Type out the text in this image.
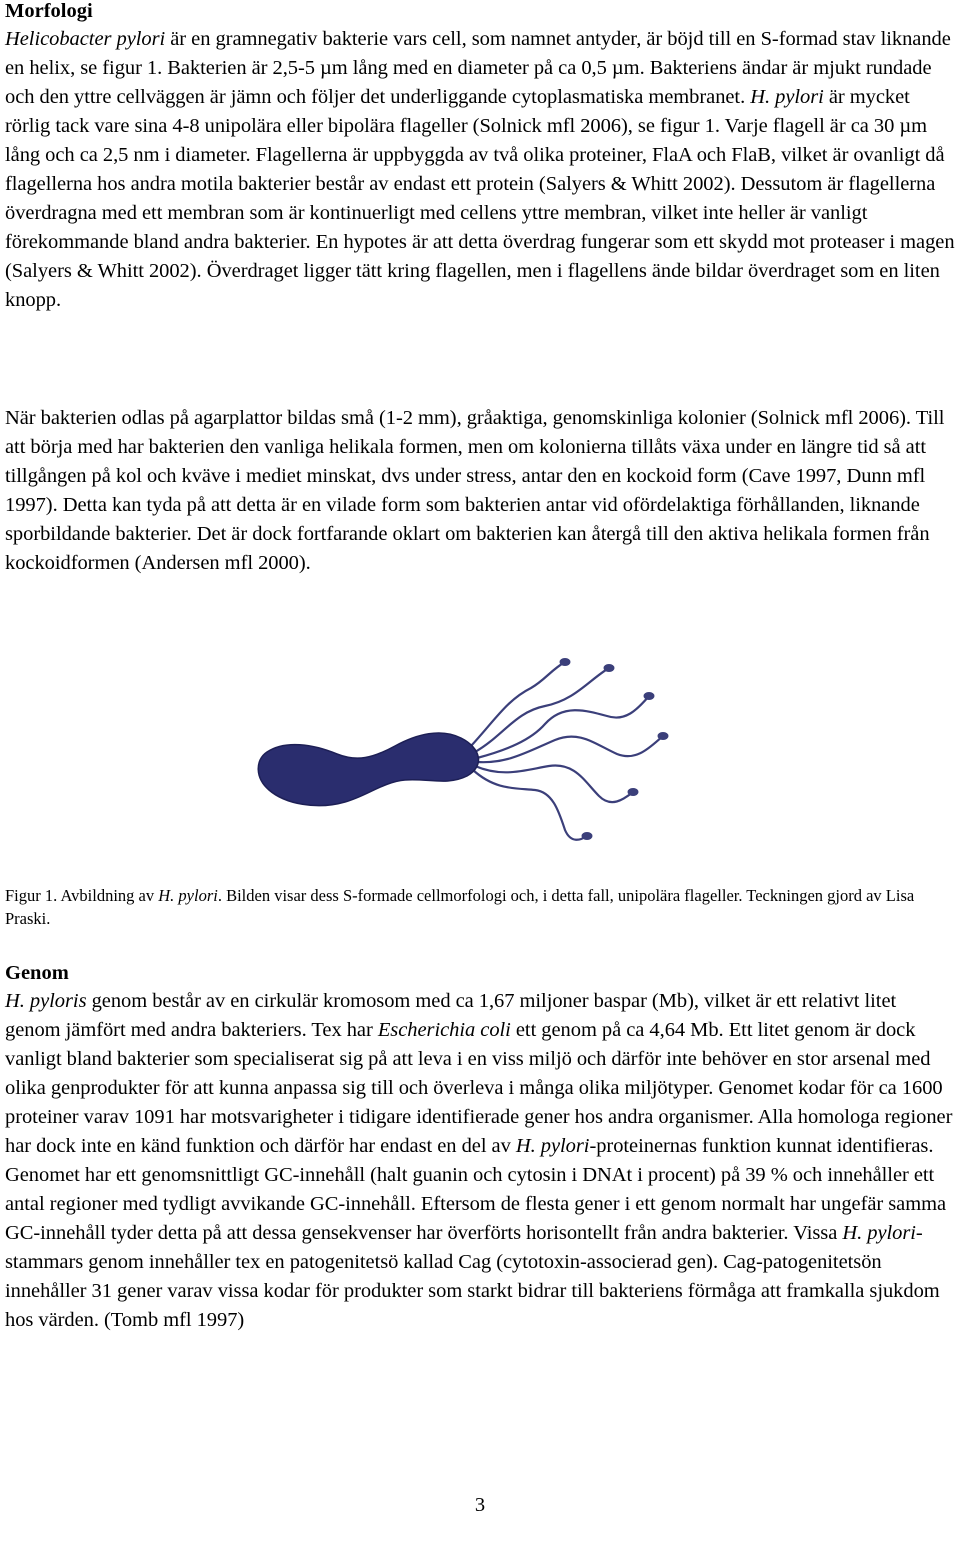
Morfologi

Helicobacter pylori är en gramnegativ bakterie vars cell, som namnet antyder, är böjd till en S-formad stav liknande en helix, se figur 1. Bakterien är 2,5-5 µm lång med en diameter på ca 0,5 µm. Bakteriens ändar är mjukt rundade och den yttre cellväggen är jämn och följer det underliggande cytoplasmatiska membranet. H. pylori är mycket rörlig tack vare sina 4-8 unipolära eller bipolära flageller (Solnick mfl 2006), se figur 1. Varje flagell är ca 30 µm lång och ca 2,5 nm i diameter. Flagellerna är uppbyggda av två olika proteiner, FlaA och FlaB, vilket är ovanligt då flagellerna hos andra motila bakterier består av endast ett protein (Salyers & Whitt 2002). Dessutom är flagellerna överdragna med ett membran som är kontinuerligt med cellens yttre membran, vilket inte heller är vanligt förekommande bland andra bakterier. En hypotes är att detta överdrag fungerar som ett skydd mot proteaser i magen (Salyers & Whitt 2002). Överdraget ligger tätt kring flagellen, men i flagellens ände bildar överdraget som en liten knopp.

När bakterien odlas på agarplattor bildas små (1-2 mm), gråaktiga, genomskinliga kolonier (Solnick mfl 2006). Till att börja med har bakterien den vanliga helikala formen, men om kolonierna tillåts växa under en längre tid så att tillgången på kol och kväve i mediet minskat, dvs under stress, antar den en kockoid form (Cave 1997, Dunn mfl 1997). Detta kan tyda på att detta är en vilade form som bakterien antar vid ofördelaktiga förhållanden, liknande sporbildande bakterier. Det är dock fortfarande oklart om bakterien kan återgå till den aktiva helikala formen från kockoidformen (Andersen mfl 2000).

Figur 1. Avbildning av H. pylori. Bilden visar dess S-formade cellmorfologi och, i detta fall, unipolära flageller. Teckningen gjord av Lisa Praski.

Genom

H. pyloris genom består av en cirkulär kromosom med ca 1,67 miljoner baspar (Mb), vilket är ett relativt litet genom jämfört med andra bakteriers. Tex har Escherichia coli ett genom på ca 4,64 Mb. Ett litet genom är dock vanligt bland bakterier som specialiserat sig på att leva i en viss miljö och därför inte behöver en stor arsenal med olika genprodukter för att kunna anpassa sig till och överleva i många olika miljötyper. Genomet kodar för ca 1600 proteiner varav 1091 har motsvarigheter i tidigare identifierade gener hos andra organismer. Alla homologa regioner har dock inte en känd funktion och därför har endast en del av H. pylori-proteinernas funktion kunnat identifieras. Genomet har ett genomsnittligt GC-innehåll (halt guanin och cytosin i DNAt i procent) på 39 % och innehåller ett antal regioner med tydligt avvikande GC-innehåll. Eftersom de flesta gener i ett genom normalt har ungefär samma GC-innehåll tyder detta på att dessa gensekvenser har överförts horisontellt från andra bakterier. Vissa H. pylori-stammars genom innehåller tex en patogenitetsö kallad Cag (cytotoxin-associerad gen). Cag-patogenitetsön innehåller 31 gener varav vissa kodar för produkter som starkt bidrar till bakteriens förmåga att framkalla sjukdom hos värden. (Tomb mfl 1997)

3
